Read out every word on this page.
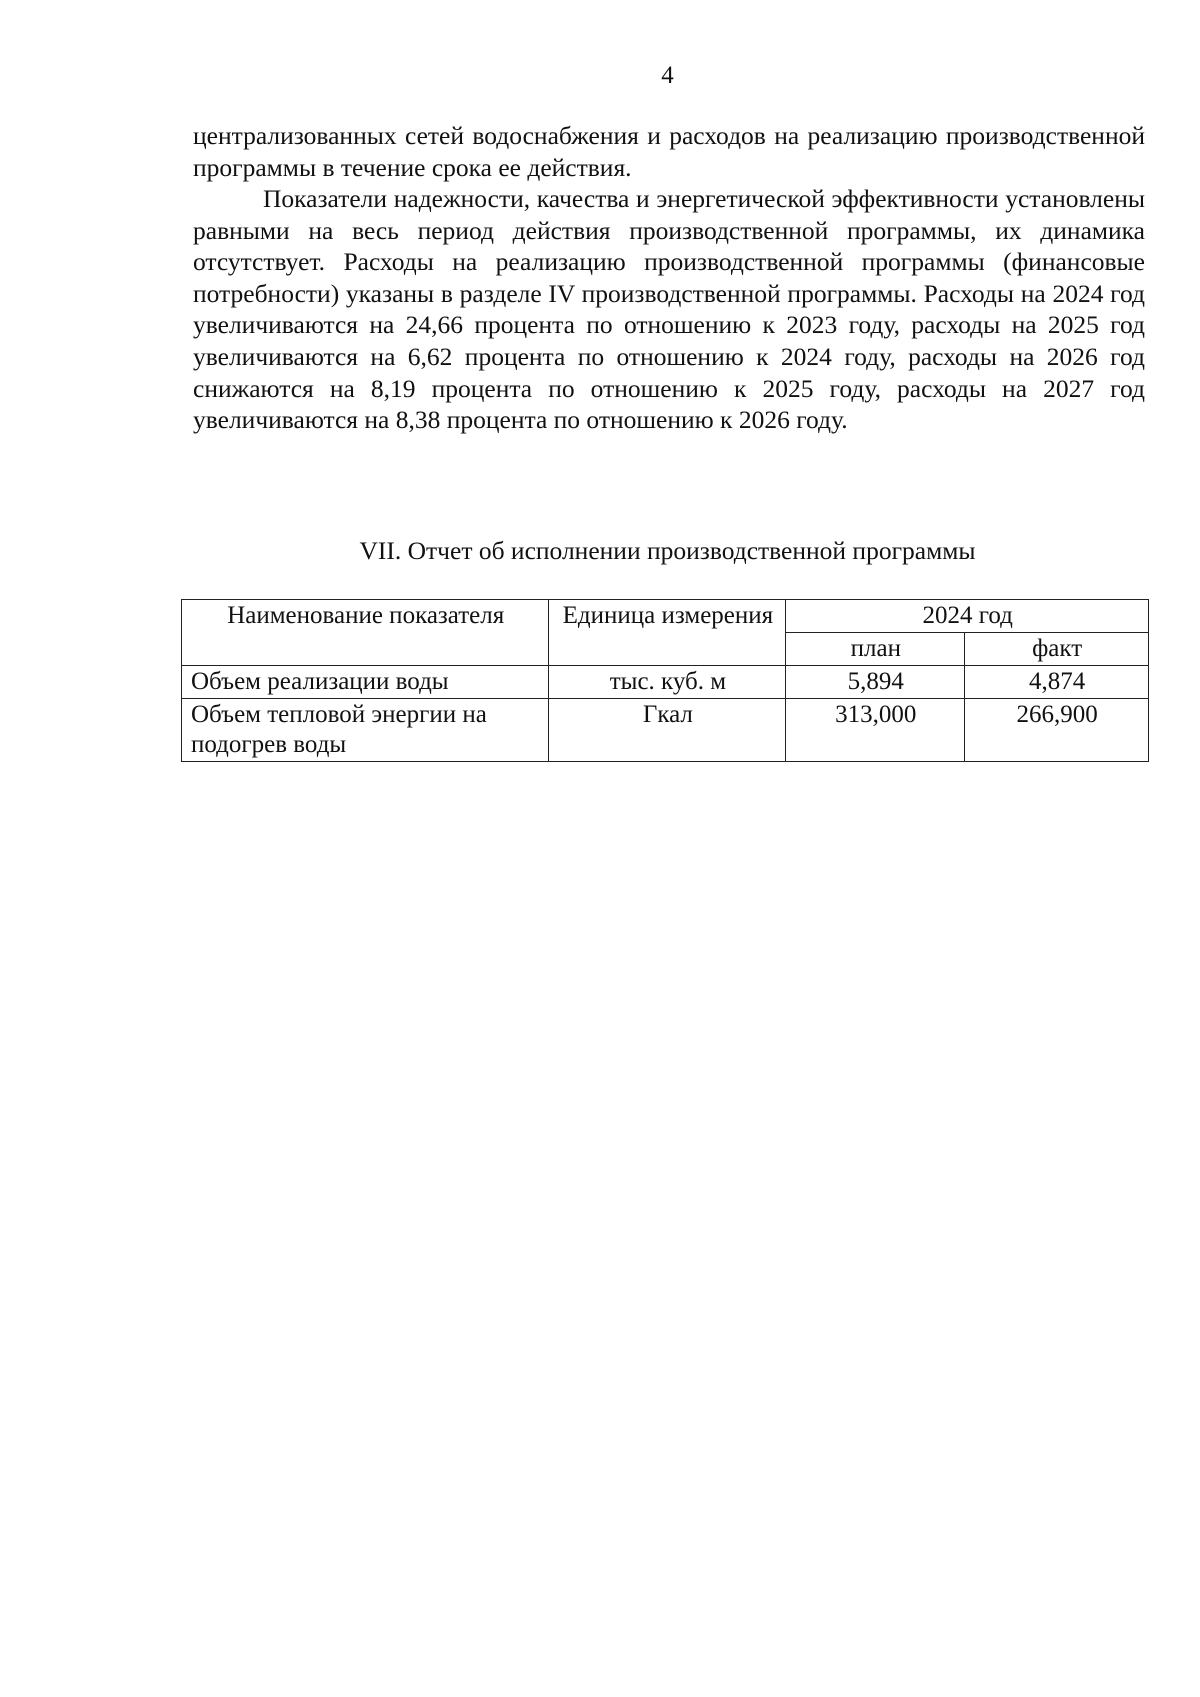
4

централизованных сетей водоснабжения и расходов на реализацию производственной программы в течение срока ее действия.

Показатели надежности, качества и энергетической эффективности установлены равными на весь период действия производственной программы, их динамика отсутствует. Расходы на реализацию производственной программы (финансовые потребности) указаны в разделе IV производственной программы. Расходы на 2024 год увеличиваются на 24,66 процента по отношению к 2023 году, расходы на 2025 год увеличиваются на 6,62 процента по отношению к 2024 году, расходы на 2026 год снижаются на 8,19 процента по отношению к 2025 году, расходы на 2027 год увеличиваются на 8,38 процента по отношению к 2026 году.

VII. Отчет об исполнении производственной программы
Наименование показателя	Единица измерения	2024 год	
		план	факт
Объем реализации воды	тыс. куб. м	5,894	4,874
Объем тепловой энергии на подогрев воды	Гкал	313,000	266,900
